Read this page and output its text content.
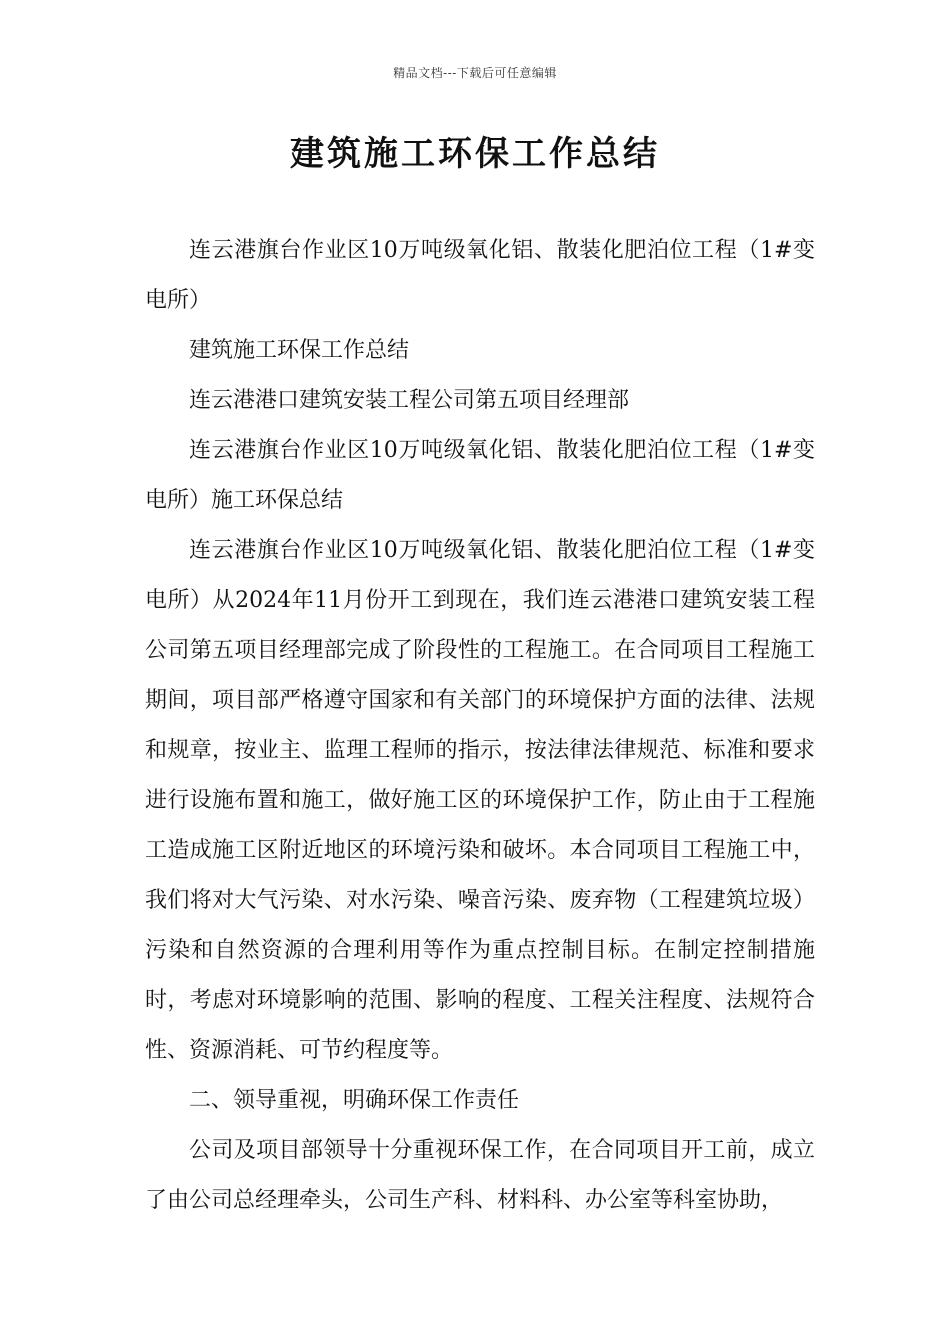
精品文档---下载后可任意编辑
建筑施工环保工作总结

连云港旗台作业区10万吨级氧化铝、散装化肥泊位工程（1#变电所）

建筑施工环保工作总结

连云港港口建筑安装工程公司第五项目经理部

连云港旗台作业区10万吨级氧化铝、散装化肥泊位工程（1#变电所）施工环保总结

连云港旗台作业区10万吨级氧化铝、散装化肥泊位工程（1#变电所）从2024年11月份开工到现在，我们连云港港口建筑安装工程公司第五项目经理部完成了阶段性的工程施工。在合同项目工程施工期间，项目部严格遵守国家和有关部门的环境保护方面的法律、法规和规章，按业主、监理工程师的指示，按法律法律规范、标准和要求进行设施布置和施工，做好施工区的环境保护工作，防止由于工程施工造成施工区附近地区的环境污染和破坏。本合同项目工程施工中，我们将对大气污染、对水污染、噪音污染、废弃物（工程建筑垃圾）污染和自然资源的合理利用等作为重点控制目标。在制定控制措施时，考虑对环境影响的范围、影响的程度、工程关注程度、法规符合性、资源消耗、可节约程度等。

二、领导重视，明确环保工作责任

公司及项目部领导十分重视环保工作，在合同项目开工前，成立了由公司总经理牵头，公司生产科、材料科、办公室等科室协助，
